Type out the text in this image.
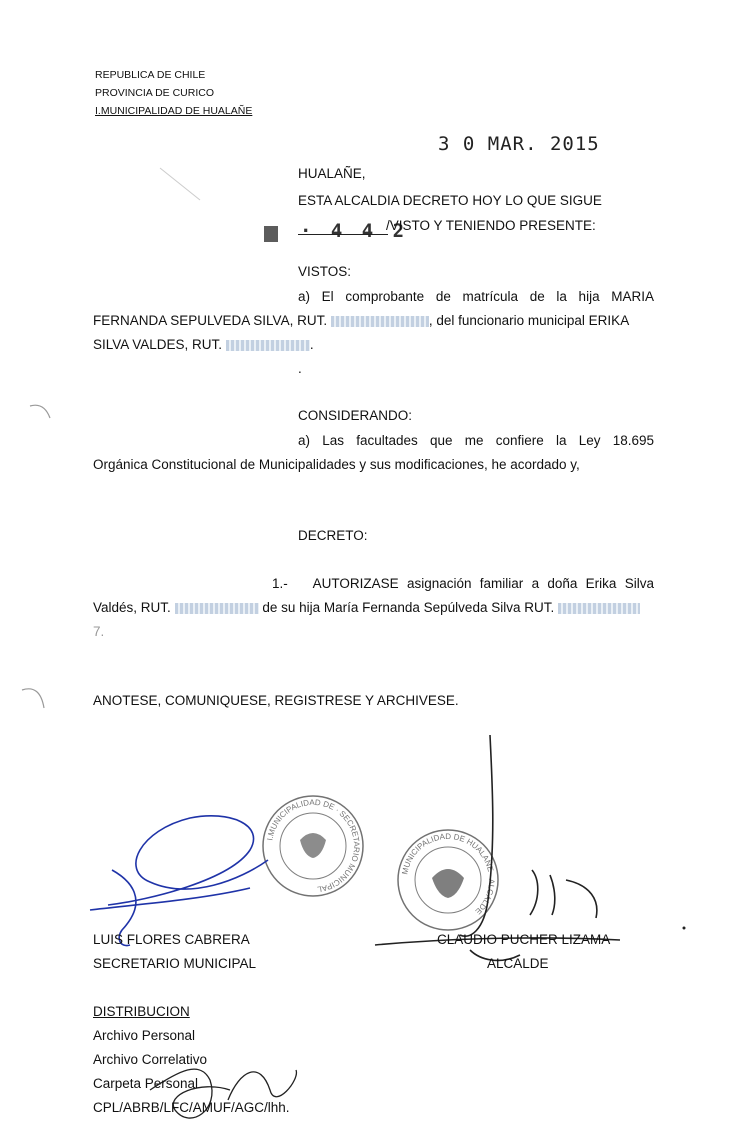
REPUBLICA DE CHILE
PROVINCIA DE CURICO
I.MUNICIPALIDAD DE HUALAÑE
3 0 MAR. 2015
HUALAÑE,
ESTA ALCALDIA DECRETO HOY LO QUE SIGUE
· 4 4 2
/VISTO Y TENIENDO PRESENTE:
VISTOS:
a) El comprobante de matrícula de la hija MARIA
FERNANDA SEPULVEDA SILVA, RUT.	, del funcionario municipal ERIKA
SILVA VALDES, RUT.	.
.
CONSIDERANDO:
a) Las facultades que me confiere la Ley 18.695
Orgánica Constitucional de Municipalidades y sus modificaciones, he acordado y,
DECRETO:
1.- AUTORIZASE asignación familiar a doña Erika Silva
Valdés, RUT.	de su hija María Fernanda Sepúlveda Silva RUT.
7.
ANOTESE, COMUNIQUESE, REGISTRESE Y ARCHIVESE.
I.MUNICIPALIDAD DE · SECRETARIO MUNICIPAL
MUNICIPALIDAD DE HUALAÑE · ALCALDE
LUIS FLORES CABRERA
SECRETARIO MUNICIPAL
CLAUDIO PUCHER LIZAMA
ALCALDE
DISTRIBUCION
Archivo Personal
Archivo Correlativo
Carpeta Personal
CPL/ABRB/LFC/AMUF/AGC/lhh.
